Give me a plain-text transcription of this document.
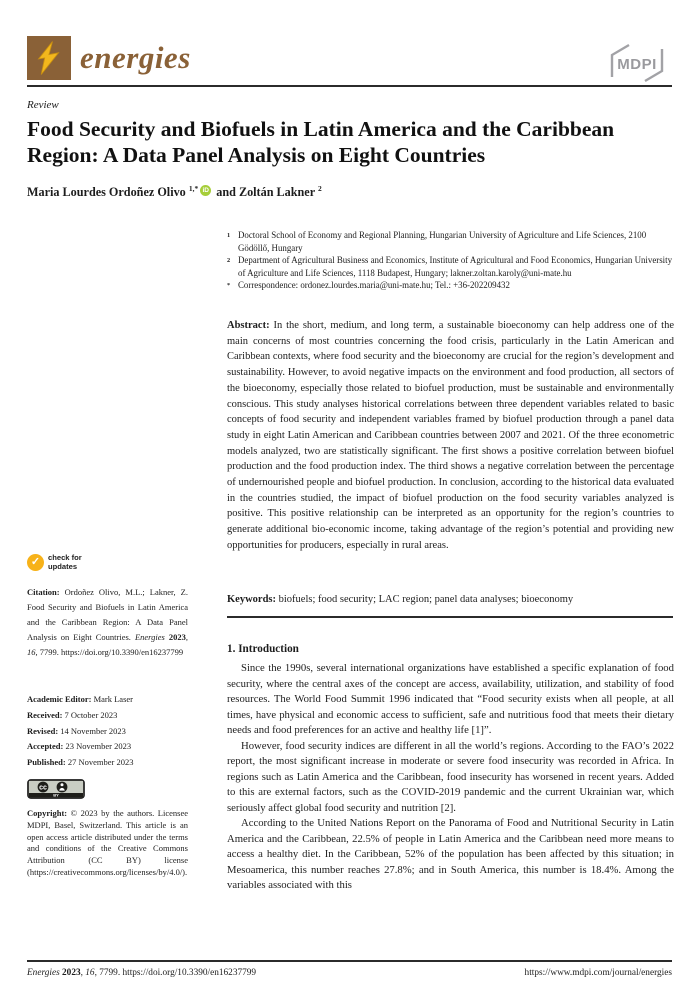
energies	MDPI
Review
Food Security and Biofuels in Latin America and the Caribbean Region: A Data Panel Analysis on Eight Countries
Maria Lourdes Ordoñez Olivo $^{1,*}$ iD and Zoltán Lakner $^2$
1 Doctoral School of Economy and Regional Planning, Hungarian University of Agriculture and Life Sciences, 2100 Gödöllő, Hungary
2 Department of Agricultural Business and Economics, Institute of Agricultural and Food Economics, Hungarian University of Agriculture and Life Sciences, 1118 Budapest, Hungary; lakner.zoltan.karoly@uni-mate.hu
* Correspondence: ordonez.lourdes.maria@uni-mate.hu; Tel.: +36-202209432

Abstract: In the short, medium, and long term, a sustainable bioeconomy can help address one of the main concerns of most countries concerning the food crisis, particularly in the Latin American and Caribbean contexts, where food security and the bioeconomy are crucial for the region’s development and sustainability. However, to avoid negative impacts on the environment and food production, all sectors of the bioeconomy, especially those related to biofuel production, must be sustainable and environmentally conscious. This study analyses historical correlations between three dependent variables related to basic concepts of food security and independent variables framed by biofuel production through a panel data study in eight Latin American and Caribbean countries between 2007 and 2021. Of the three econometric models analyzed, two are statistically significant. The first shows a positive correlation between biofuel production and the food production index. The third shows a negative correlation between the percentage of undernourished people and biofuel production. In conclusion, according to the historical data evaluated in the countries studied, the impact of biofuel production on the food security variables analyzed is positive. This positive relationship can be interpreted as an opportunity for the region’s countries to generate additional bio-economic income, taking advantage of the region’s potential and providing new opportunities for producers, especially in rural areas.

Keywords: biofuels; food security; LAC region; panel data analyses; bioeconomy

1. Introduction

Since the 1990s, several international organizations have established a specific explanation of food security, where the central axes of the concept are access, availability, utilization, and stability of food resources. The World Food Summit 1996 indicated that “Food security exists when all people, at all times, have physical and economic access to sufficient, safe and nutritious food that meets their dietary needs and food preferences for an active and healthy life [1]”.

However, food security indices are different in all the world’s regions. According to the FAO’s 2022 report, the most significant increase in moderate or severe food insecurity was recorded in Africa. In regions such as Latin America and the Caribbean, food insecurity has worsened in recent years. Added to this are external factors, such as the COVID-2019 pandemic and the current Ukrainian war, which seriously affect global food security and nutrition [2].

According to the United Nations Report on the Panorama of Food and Nutritional Security in Latin America and the Caribbean, 22.5% of people in Latin America and the Caribbean need more means to access a healthy diet. In the Caribbean, 52% of the population has been affected by this situation; in Mesoamerica, this number reaches 27.8%; and in South America, this number is 18.4%. Among the variables associated with this

✓	check for
updates

Citation: Ordoñez Olivo, M.L.; Lakner, Z. Food Security and Biofuels in Latin America and the Caribbean Region: A Data Panel Analysis on Eight Countries. Energies 2023, 16, 7799. https://doi.org/10.3390/en16237799

Academic Editor: Mark Laser

Received: 7 October 2023
Revised: 14 November 2023
Accepted: 23 November 2023
Published: 27 November 2023
cc
BY

Copyright: © 2023 by the authors. Licensee MDPI, Basel, Switzerland. This article is an open access article distributed under the terms and conditions of the Creative Commons Attribution (CC BY) license (https://creativecommons.org/licenses/by/4.0/).

Energies 2023, 16, 7799. https://doi.org/10.3390/en16237799	https://www.mdpi.com/journal/energies
